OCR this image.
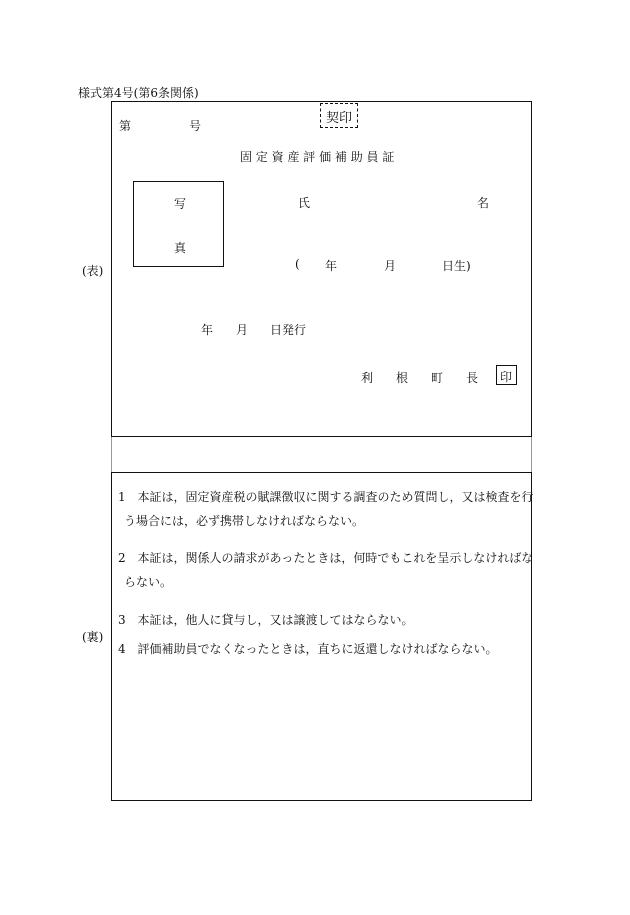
様式第4号(第6条関係)
(表)
契印
第	号
固 定 資 産 評 価 補 助 員 証
写
真
氏	名
( 年	月	日生)
年 月 日発行
利 根 町 長 印
(裏)
1 本証は，固定資産税の賦課徴収に関する調査のため質問し，又は検査を行
う場合には，必ず携帯しなければならない。
2 本証は，関係人の請求があったときは，何時でもこれを呈示しなければな
らない。
3 本証は，他人に貸与し，又は譲渡してはならない。
4 評価補助員でなくなったときは，直ちに返還しなければならない。
